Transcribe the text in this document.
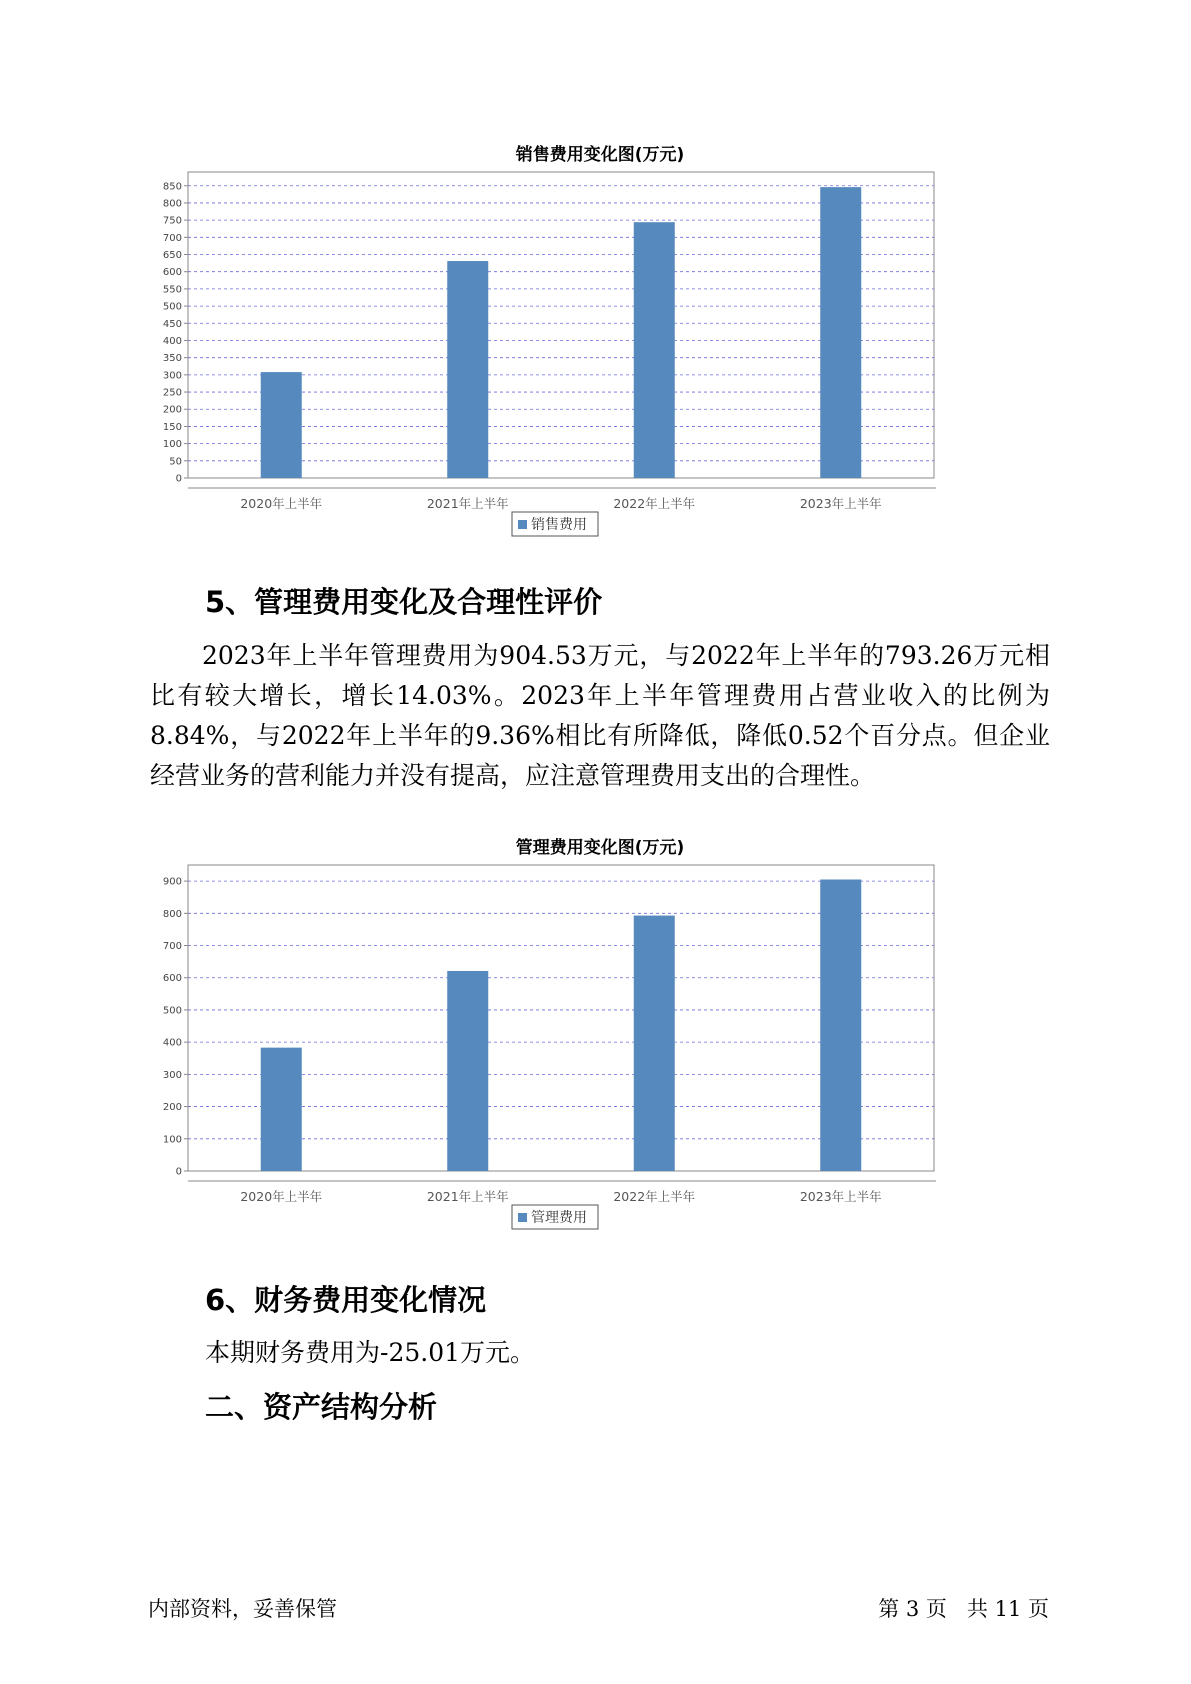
销售费用变化图(万元)
0
50
100
150
200
250
300
350
400
450
500
550
600
650
700
750
800
850
2020年上半年	2021年上半年	2022年上半年	2023年上半年
销售费用
5、管理费用变化及合理性评价

2023年上半年管理费用为904.53万元，与2022年上半年的793.26万元相比有较大增长，增长14.03%。2023年上半年管理费用占营业收入的比例为8.84%，与2022年上半年的9.36%相比有所降低，降低0.52个百分点。但企业经营业务的营利能力并没有提高，应注意管理费用支出的合理性。

管理费用变化图(万元)
0
100
200
300
400
500
600
700
800
900
2020年上半年	2021年上半年	2022年上半年	2023年上半年
管理费用
6、财务费用变化情况
本期财务费用为-25.01万元。
二、资产结构分析
内部资料，妥善保管	第 3 页   共 11 页
